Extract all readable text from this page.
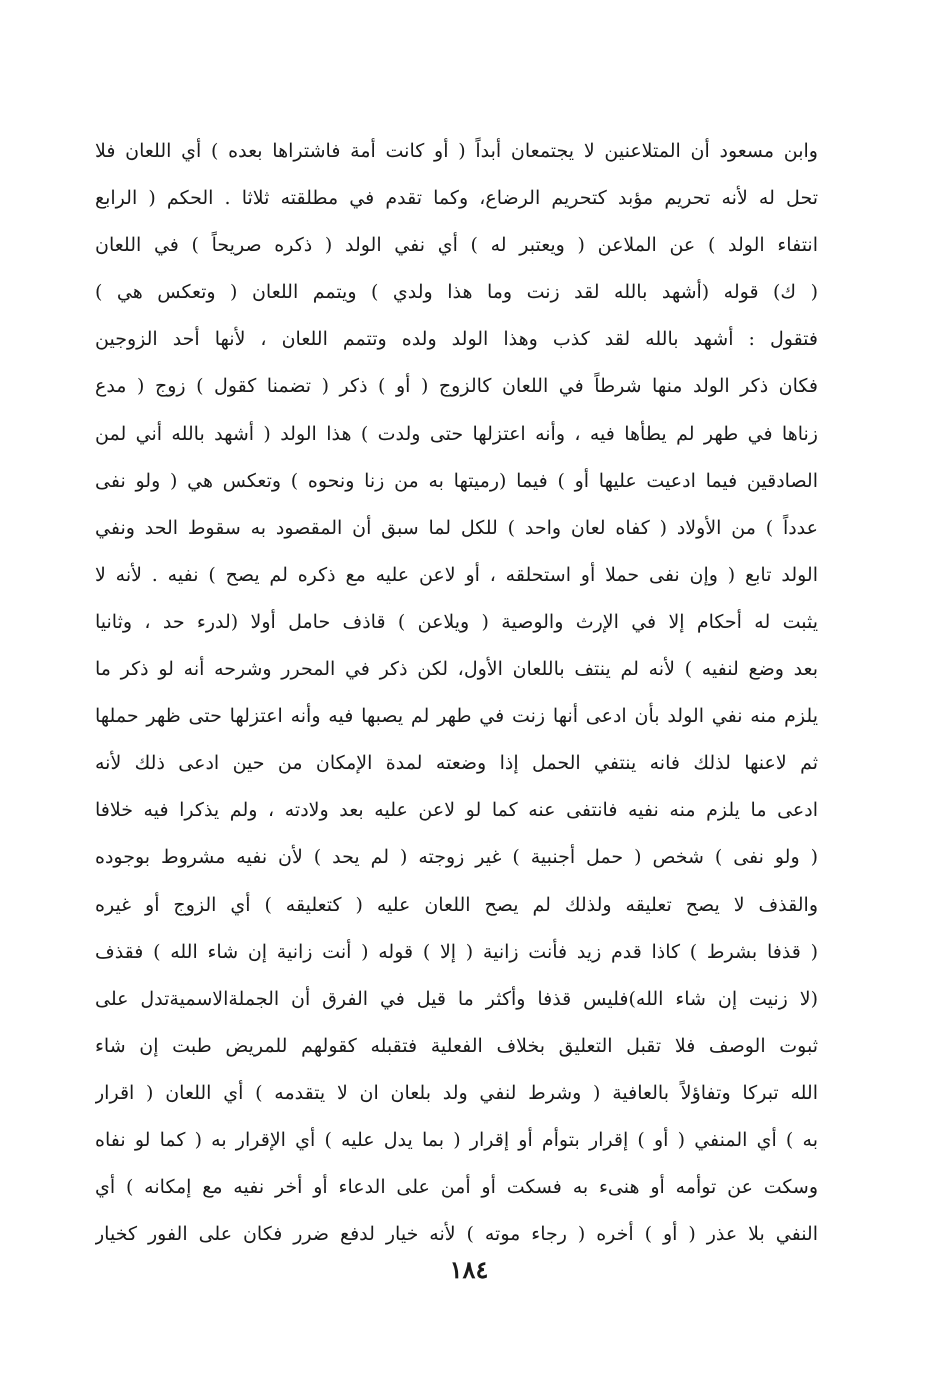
وابن مسعود أن المتلاعنين لا يجتمعان أبداً ( أو كانت أمة فاشتراها بعده ) أي اللعان فلا
تحل له لأنه تحريم مؤبد كتحريم الرضاع، وكما تقدم في مطلقته ثلاثا . الحكم ( الرابع
انتفاء الولد ) عن الملاعن ( ويعتبر له ) أي نفي الولد ( ذكره صريحاً ) في اللعان
( ك) قوله (أشهد بالله لقد زنت وما هذا ولدي ) ويتمم اللعان ( وتعكس هي )
فتقول : أشهد بالله لقد كذب وهذا الولد ولده وتتمم اللعان ، لأنها أحد الزوجين
فكان ذكر الولد منها شرطاً في اللعان كالزوج ( أو ) ذكر ( تضمنا كقول ) زوج ( مدع
زناها في طهر لم يطأها فيه ، وأنه اعتزلها حتى ولدت ) هذا الولد ( أشهد بالله أني لمن
الصادقين فيما ادعيت عليها أو ) فيما (رميتها به من زنا ونحوه ) وتعكس هي ( ولو نفى
عدداً ) من الأولاد ( كفاه لعان واحد ) للكل لما سبق أن المقصود به سقوط الحد ونفي
الولد تابع ( وإن نفى حملا أو استحلقه ، أو لاعن عليه مع ذكره لم يصح ) نفيه . لأنه لا
يثبت له أحكام إلا في الإرث والوصية ( ويلاعن ) قاذف حامل أولا (لدرء حد ، وثانيا
بعد وضع لنفيه ) لأنه لم ينتف باللعان الأول، لكن ذكر في المحرر وشرحه أنه لو ذكر ما
يلزم منه نفي الولد بأن ادعى أنها زنت في طهر لم يصبها فيه وأنه اعتزلها حتى ظهر حملها
ثم لاعنها لذلك فانه ينتفي الحمل إذا وضعته لمدة الإمكان من حين ادعى ذلك لأنه
ادعى ما يلزم منه نفيه فانتفى عنه كما لو لاعن عليه بعد ولادته ، ولم يذكرا فيه خلافا
( ولو نفى ) شخص ( حمل أجنبية ) غير زوجته ( لم يحد ) لأن نفيه مشروط بوجوده
والقذف لا يصح تعليقه ولذلك لم يصح اللعان عليه ( كتعليقه ) أي الزوج أو غيره
( قذفا بشرط ) كاذا قدم زيد فأنت زانية ( إلا ) قوله ( أنت زانية إن شاء الله ) فقذف
(لا زنيت إن شاء الله)فليس قذفا وأكثر ما قيل في الفرق أن الجملةالاسميةتدل على
ثبوت الوصف فلا تقبل التعليق بخلاف الفعلية فتقبله كقولهم للمريض طبت إن شاء
الله تبركا وتفاؤلاً بالعافية ( وشرط لنفي ولد بلعان ان لا يتقدمه ) أي اللعان ( اقرار
به ) أي المنفي ( أو ) إقرار بتوأم أو إقرار ( بما يدل عليه ) أي الإقرار به ( كما لو نفاه
وسكت عن توأمه أو هنىء به فسكت أو أمن على الدعاء أو أخر نفيه مع إمكانه ) أي
النفي بلا عذر ( أو ) أخره ( رجاء موته ) لأنه خيار لدفع ضرر فكان على الفور كخيار
١٨٤
